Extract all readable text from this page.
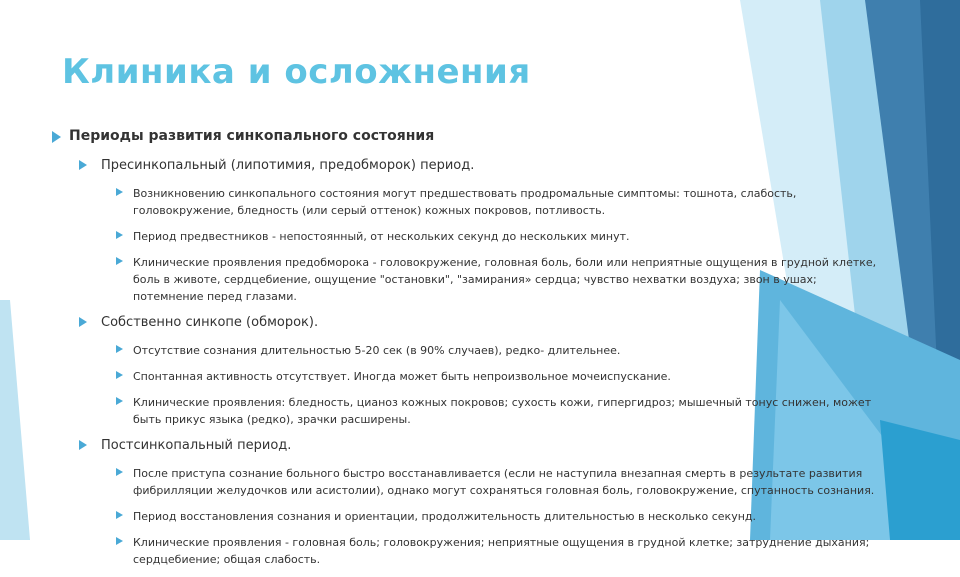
Клиника и осложнения
Периоды развития синкопального состояния
Пресинкопальный (липотимия, предобморок) период.
Возникновению синкопального состояния могут предшествовать продромальные симптомы: тошнота, слабость, головокружение, бледность (или серый оттенок) кожных покровов, потливость.
Период предвестников - непостоянный, от нескольких секунд до нескольких минут.
Клинические проявления предобморока - головокружение, головная боль, боли или неприятные ощущения в грудной клетке, боль в животе, сердцебиение, ощущение "остановки", "замирания» сердца; чувство нехватки воздуха; звон в ушах; потемнение перед глазами.
Собственно синкопе (обморок).
Отсутствие сознания длительностью 5-20 сек (в 90% случаев), редко- длительнее.
Спонтанная активность отсутствует. Иногда может быть непроизвольное мочеиспускание.
Клинические проявления: бледность, цианоз кожных покровов; сухость кожи, гипергидроз; мышечный тонус снижен, может быть прикус языка (редко), зрачки расширены.
Постсинкопальный период.
После приступа сознание больного быстро восстанавливается (если не наступила внезапная смерть в результате развития фибрилляции желудочков или асистолии), однако могут сохраняться головная боль, головокружение, спутанность сознания.
Период восстановления сознания и ориентации, продолжительность длительностью в несколько секунд.
Клинические проявления - головная боль; головокружения; неприятные ощущения в грудной клетке; затруднение дыхания; сердцебиение; общая слабость.
